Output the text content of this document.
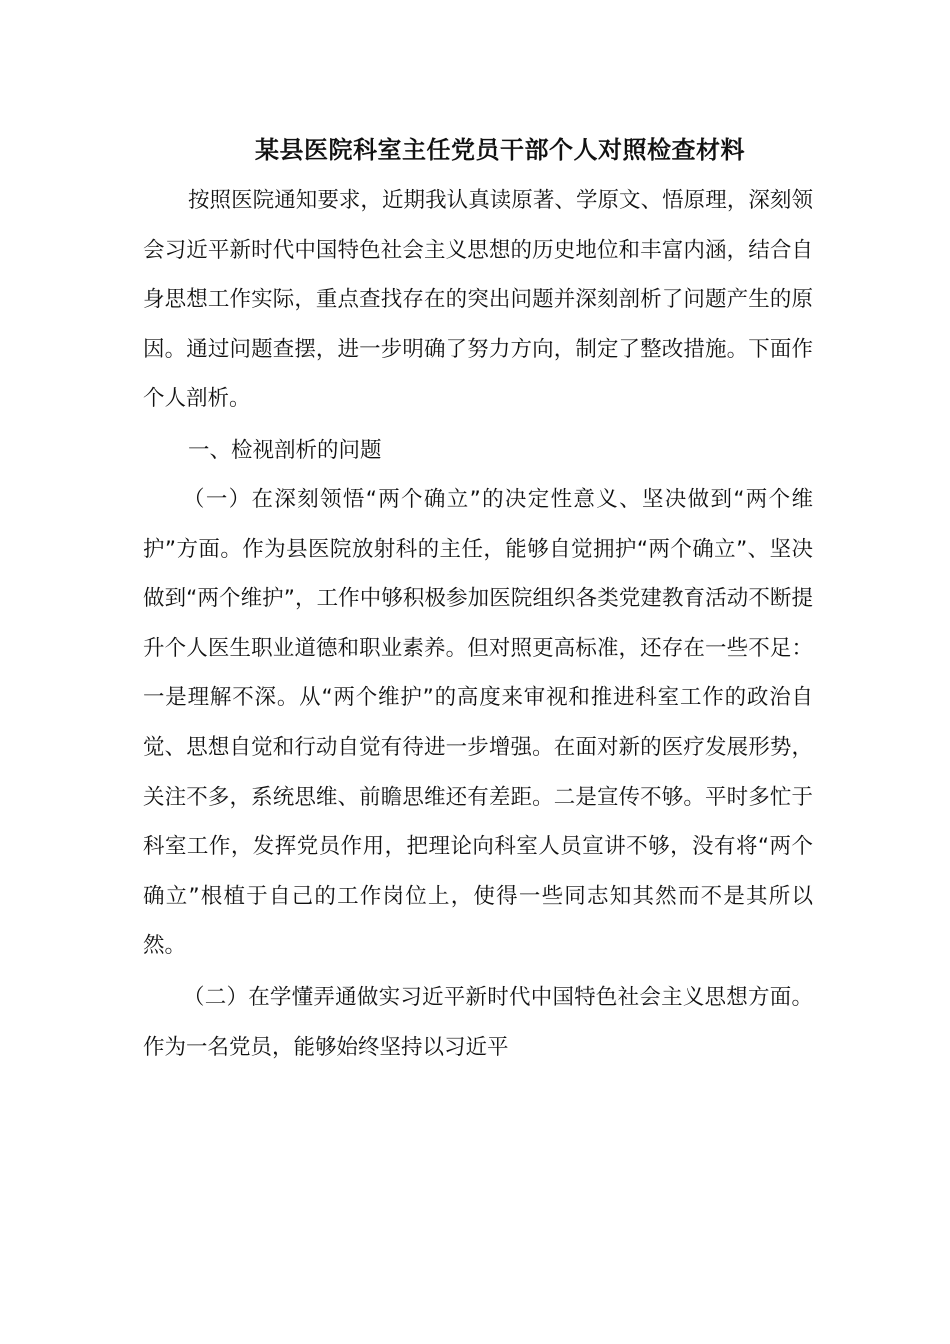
某县医院科室主任党员干部个人对照检查材料

按照医院通知要求，近期我认真读原著、学原文、悟原理，深刻领会习近平新时代中国特色社会主义思想的历史地位和丰富内涵，结合自身思想工作实际，重点查找存在的突出问题并深刻剖析了问题产生的原因。通过问题查摆，进一步明确了努力方向，制定了整改措施。下面作个人剖析。

一、检视剖析的问题

（一）在深刻领悟“两个确立”的决定性意义、坚决做到“两个维护”方面。作为县医院放射科的主任，能够自觉拥护“两个确立”、坚决做到“两个维护”，工作中够积极参加医院组织各类党建教育活动不断提升个人医生职业道德和职业素养。但对照更高标准，还存在一些不足：一是理解不深。从“两个维护”的高度来审视和推进科室工作的政治自觉、思想自觉和行动自觉有待进一步增强。在面对新的医疗发展形势，关注不多，系统思维、前瞻思维还有差距。二是宣传不够。平时多忙于科室工作，发挥党员作用，把理论向科室人员宣讲不够，没有将“两个确立”根植于自己的工作岗位上，使得一些同志知其然而不是其所以然。

（二）在学懂弄通做实习近平新时代中国特色社会主义思想方面。作为一名党员，能够始终坚持以习近平
